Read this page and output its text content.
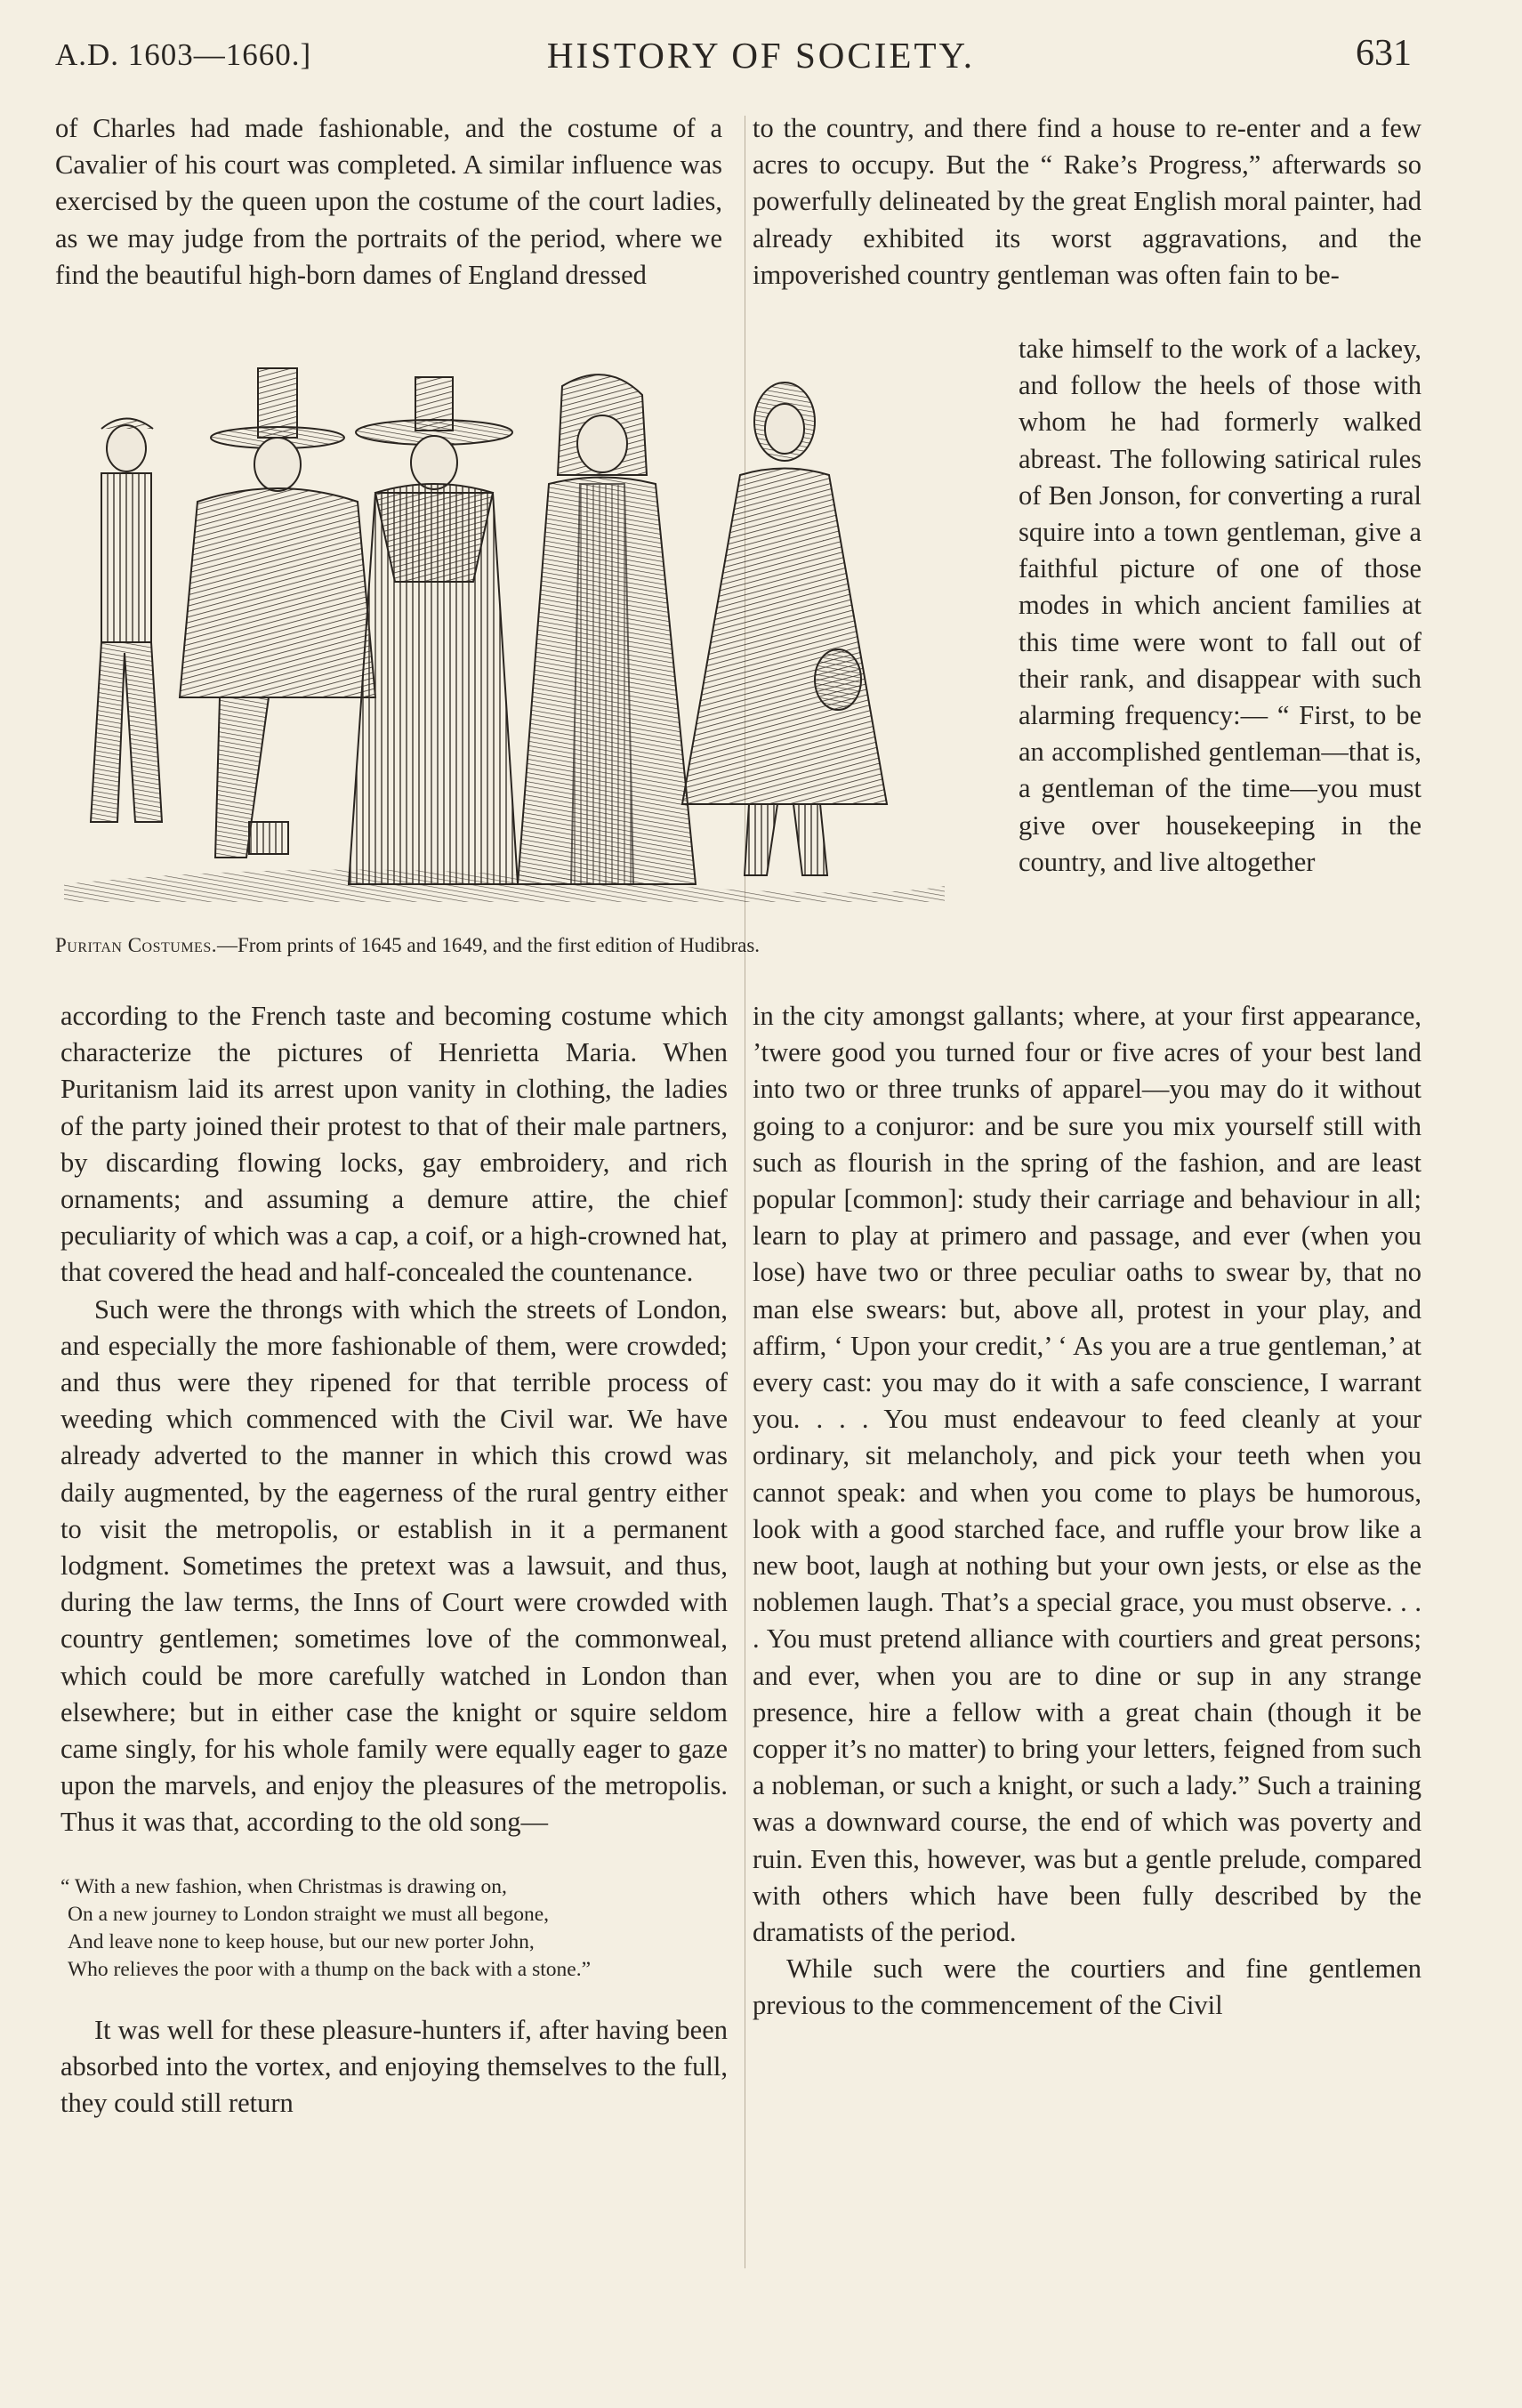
A.D. 1603—1660.]	HISTORY OF SOCIETY.	631

of Charles had made fashionable, and the costume of a Cavalier of his court was completed. A similar influence was exercised by the queen upon the costume of the court ladies, as we may judge from the portraits of the period, where we find the beautiful high-born dames of England dressed

to the country, and there find a house to re-enter and a few acres to occupy. But the “ Rake’s Progress,” afterwards so powerfully delineated by the great English moral painter, had already exhibited its worst aggravations, and the impoverished country gentleman was often fain to be-

take himself to the work of a lackey, and follow the heels of those with whom he had formerly walked abreast. The following satirical rules of Ben Jonson, for converting a rural squire into a town gentleman, give a faithful picture of one of those modes in which ancient families at this time were wont to fall out of their rank, and disappear with such alarming frequency:— “ First, to be an accomplished gentleman—that is, a gentleman of the time—you must give over housekeeping in the country, and live altogether

Puritan Costumes.—From prints of 1645 and 1649, and the first edition of Hudibras.

according to the French taste and becoming costume which characterize the pictures of Henrietta Maria. When Puritanism laid its arrest upon vanity in clothing, the ladies of the party joined their protest to that of their male partners, by discarding flowing locks, gay embroidery, and rich ornaments; and assuming a demure attire, the chief peculiarity of which was a cap, a coif, or a high-crowned hat, that covered the head and half-concealed the countenance.

Such were the throngs with which the streets of London, and especially the more fashionable of them, were crowded; and thus were they ripened for that terrible process of weeding which commenced with the Civil war. We have already adverted to the manner in which this crowd was daily augmented, by the eagerness of the rural gentry either to visit the metropolis, or establish in it a permanent lodgment. Sometimes the pretext was a lawsuit, and thus, during the law terms, the Inns of Court were crowded with country gentlemen; sometimes love of the commonweal, which could be more carefully watched in London than elsewhere; but in either case the knight or squire seldom came singly, for his whole family were equally eager to gaze upon the marvels, and enjoy the pleasures of the metropolis. Thus it was that, according to the old song—

“ With a new fashion, when Christmas is drawing on,
On a new journey to London straight we must all begone,
And leave none to keep house, but our new porter John,
Who relieves the poor with a thump on the back with a stone.”

It was well for these pleasure-hunters if, after having been absorbed into the vortex, and enjoying themselves to the full, they could still return

in the city amongst gallants; where, at your first appearance, ’twere good you turned four or five acres of your best land into two or three trunks of apparel—you may do it without going to a conjuror: and be sure you mix yourself still with such as flourish in the spring of the fashion, and are least popular [common]: study their carriage and behaviour in all; learn to play at primero and passage, and ever (when you lose) have two or three peculiar oaths to swear by, that no man else swears: but, above all, protest in your play, and affirm, ‘ Upon your credit,’ ‘ As you are a true gentleman,’ at every cast: you may do it with a safe conscience, I warrant you. . . . You must endeavour to feed cleanly at your ordinary, sit melancholy, and pick your teeth when you cannot speak: and when you come to plays be humorous, look with a good starched face, and ruffle your brow like a new boot, laugh at nothing but your own jests, or else as the noblemen laugh. That’s a special grace, you must observe. . . . You must pretend alliance with courtiers and great persons; and ever, when you are to dine or sup in any strange presence, hire a fellow with a great chain (though it be copper it’s no matter) to bring your letters, feigned from such a nobleman, or such a knight, or such a lady.” Such a training was a downward course, the end of which was poverty and ruin. Even this, however, was but a gentle prelude, compared with others which have been fully described by the dramatists of the period.

While such were the courtiers and fine gentlemen previous to the commencement of the Civil
